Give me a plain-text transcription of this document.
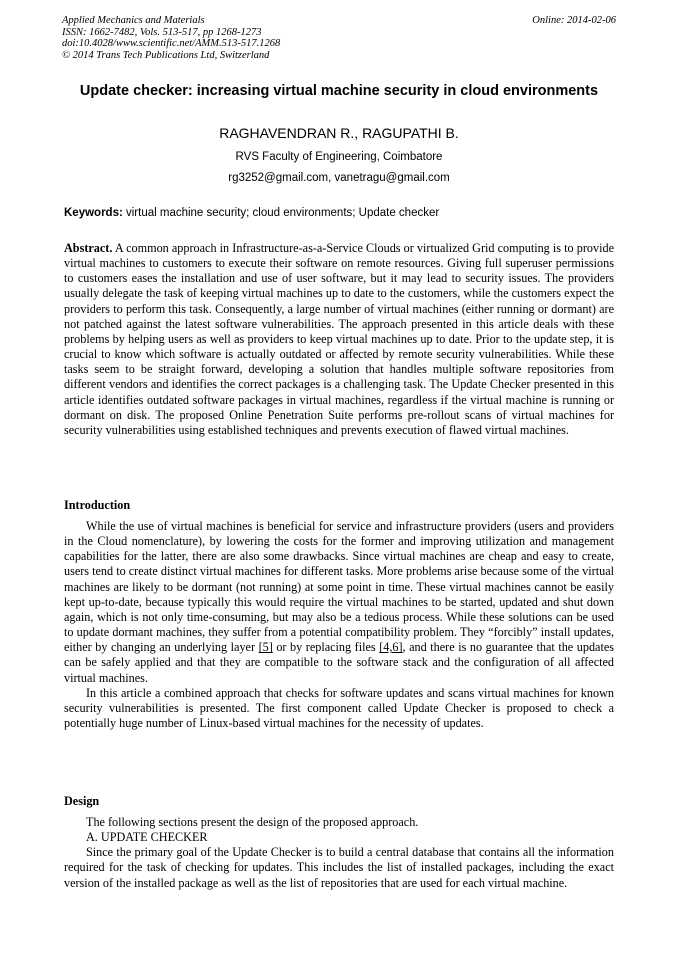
Applied Mechanics and Materials	Online: 2014-02-06
ISSN: 1662-7482, Vols. 513-517, pp 1268-1273
doi:10.4028/www.scientific.net/AMM.513-517.1268
© 2014 Trans Tech Publications Ltd, Switzerland
Update checker: increasing virtual machine security in cloud environments
RAGHAVENDRAN R., RAGUPATHI B.
RVS Faculty of Engineering, Coimbatore
rg3252@gmail.com, vanetragu@gmail.com
Keywords: virtual machine security; cloud environments; Update checker

Abstract. A common approach in Infrastructure-as-a-Service Clouds or virtualized Grid computing is to provide virtual machines to customers to execute their software on remote resources. Giving full superuser permissions to customers eases the installation and use of user software, but it may lead to security issues. The providers usually delegate the task of keeping virtual machines up to date to the customers, while the customers expect the providers to perform this task. Consequently, a large number of virtual machines (either running or dormant) are not patched against the latest software vulnerabilities. The approach presented in this article deals with these problems by helping users as well as providers to keep virtual machines up to date. Prior to the update step, it is crucial to know which software is actually outdated or affected by remote security vulnerabilities. While these tasks seem to be straight forward, developing a solution that handles multiple software repositories from different vendors and identifies the correct packages is a challenging task. The Update Checker presented in this article identifies outdated software packages in virtual machines, regardless if the virtual machine is running or dormant on disk. The proposed Online Penetration Suite performs pre-rollout scans of virtual machines for security vulnerabilities using established techniques and prevents execution of flawed virtual machines.

Introduction

While the use of virtual machines is beneficial for service and infrastructure providers (users and providers in the Cloud nomenclature), by lowering the costs for the former and improving utilization and management capabilities for the latter, there are also some drawbacks. Since virtual machines are cheap and easy to create, users tend to create distinct virtual machines for different tasks. More problems arise because some of the virtual machines are likely to be dormant (not running) at some point in time. These virtual machines cannot be easily kept up-to-date, because typically this would require the virtual machines to be started, updated and shut down again, which is not only time-consuming, but may also be a tedious process. While these solutions can be used to update dormant machines, they suffer from a potential compatibility problem. They “forcibly” install updates, either by changing an underlying layer [5] or by replacing files [4,6], and there is no guarantee that the updates can be safely applied and that they are compatible to the software stack and the configuration of all affected virtual machines.

In this article a combined approach that checks for software updates and scans virtual machines for known security vulnerabilities is presented. The first component called Update Checker is proposed to check a potentially huge number of Linux-based virtual machines for the necessity of updates.

Design

The following sections present the design of the proposed approach.

A. UPDATE CHECKER

Since the primary goal of the Update Checker is to build a central database that contains all the information required for the task of checking for updates. This includes the list of installed packages, including the exact version of the installed package as well as the list of repositories that are used for each virtual machine.
